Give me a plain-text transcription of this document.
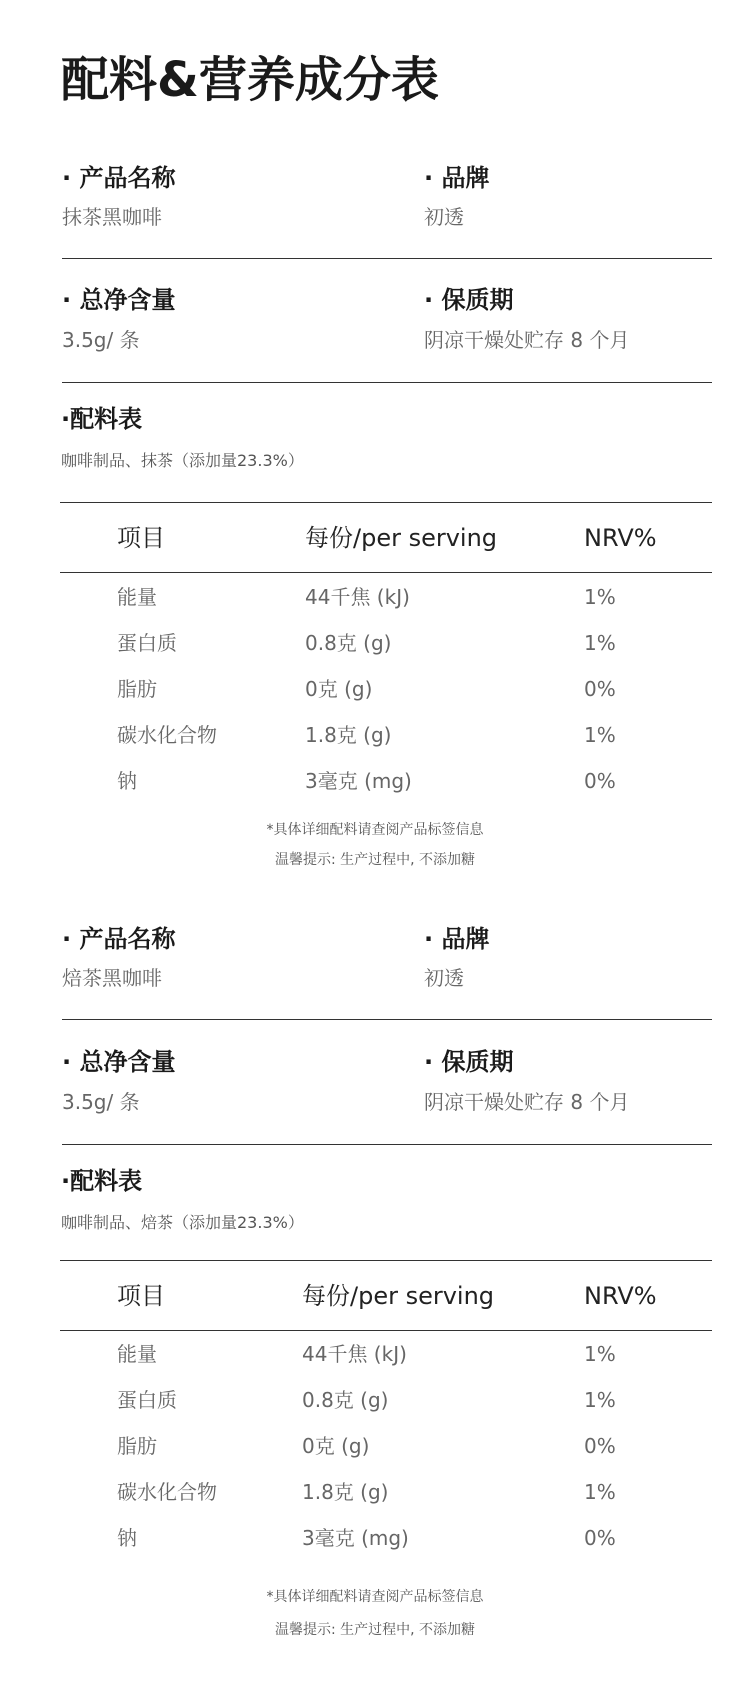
配料&营养成分表
· 产品名称
抹茶黑咖啡
· 品牌
初透
· 总净含量
3.5g/ 条
· 保质期
阴凉干燥处贮存 8 个月
·配料表
咖啡制品、抹茶（添加量23.3%）
项目	每份/per serving	NRV%
能量	44千焦 (kJ)	1%
蛋白质	0.8克 (g)	1%
脂肪	0克 (g)	0%
碳水化合物	1.8克 (g)	1%
钠	3毫克 (mg)	0%
*具体详细配料请查阅产品标签信息
温馨提示: 生产过程中, 不添加糖
· 产品名称
焙茶黑咖啡
· 品牌
初透
· 总净含量
3.5g/ 条
· 保质期
阴凉干燥处贮存 8 个月
·配料表
咖啡制品、焙茶（添加量23.3%）
项目	每份/per serving	NRV%
能量	44千焦 (kJ)	1%
蛋白质	0.8克 (g)	1%
脂肪	0克 (g)	0%
碳水化合物	1.8克 (g)	1%
钠	3毫克 (mg)	0%
*具体详细配料请查阅产品标签信息
温馨提示: 生产过程中, 不添加糖
